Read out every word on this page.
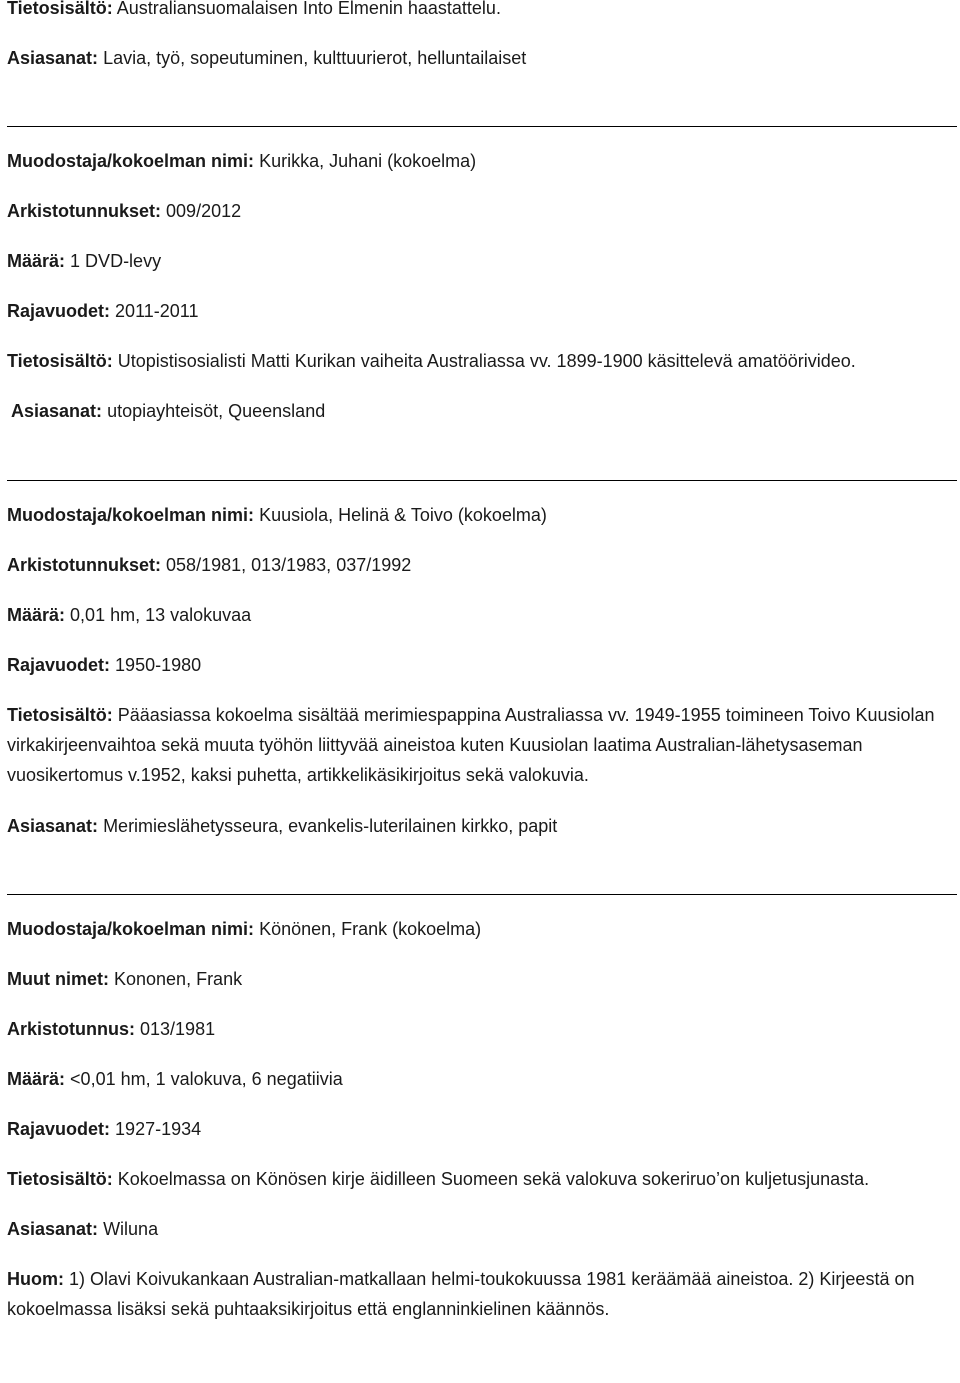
Tietosisältö: Australiansuomalaisen Into Elmenin haastattelu.
Asiasanat: Lavia, työ, sopeutuminen, kulttuurierot, helluntailaiset
Muodostaja/kokoelman nimi: Kurikka, Juhani (kokoelma)
Arkistotunnukset: 009/2012
Määrä: 1 DVD-levy
Rajavuodet: 2011-2011
Tietosisältö: Utopistisosialisti Matti Kurikan vaiheita Australiassa vv. 1899-1900 käsittelevä amatöörivideo.
Asiasanat: utopiayhteisöt, Queensland
Muodostaja/kokoelman nimi: Kuusiola, Helinä & Toivo (kokoelma)
Arkistotunnukset: 058/1981, 013/1983, 037/1992
Määrä: 0,01 hm, 13 valokuvaa
Rajavuodet: 1950-1980
Tietosisältö: Pääasiassa kokoelma sisältää merimiespappina Australiassa vv. 1949-1955 toimineen Toivo Kuusiolan virkakirjeenvaihtoa sekä muuta työhön liittyvää aineistoa kuten Kuusiolan laatima Australian-lähetysaseman vuosikertomus v.1952, kaksi puhetta, artikkelikäsikirjoitus sekä valokuvia.
Asiasanat: Merimieslähetysseura, evankelis-luterilainen kirkko, papit
Muodostaja/kokoelman nimi: Könönen, Frank (kokoelma)
Muut nimet: Kononen, Frank
Arkistotunnus: 013/1981
Määrä: <0,01 hm, 1 valokuva, 6 negatiivia
Rajavuodet: 1927-1934
Tietosisältö: Kokoelmassa on Könösen kirje äidilleen Suomeen sekä valokuva sokeriruo’on kuljetusjunasta.
Asiasanat: Wiluna
Huom: 1) Olavi Koivukankaan Australian-matkallaan helmi-toukokuussa 1981 keräämää aineistoa. 2) Kirjeestä on kokoelmassa lisäksi sekä puhtaaksikirjoitus että englanninkielinen käännös.
